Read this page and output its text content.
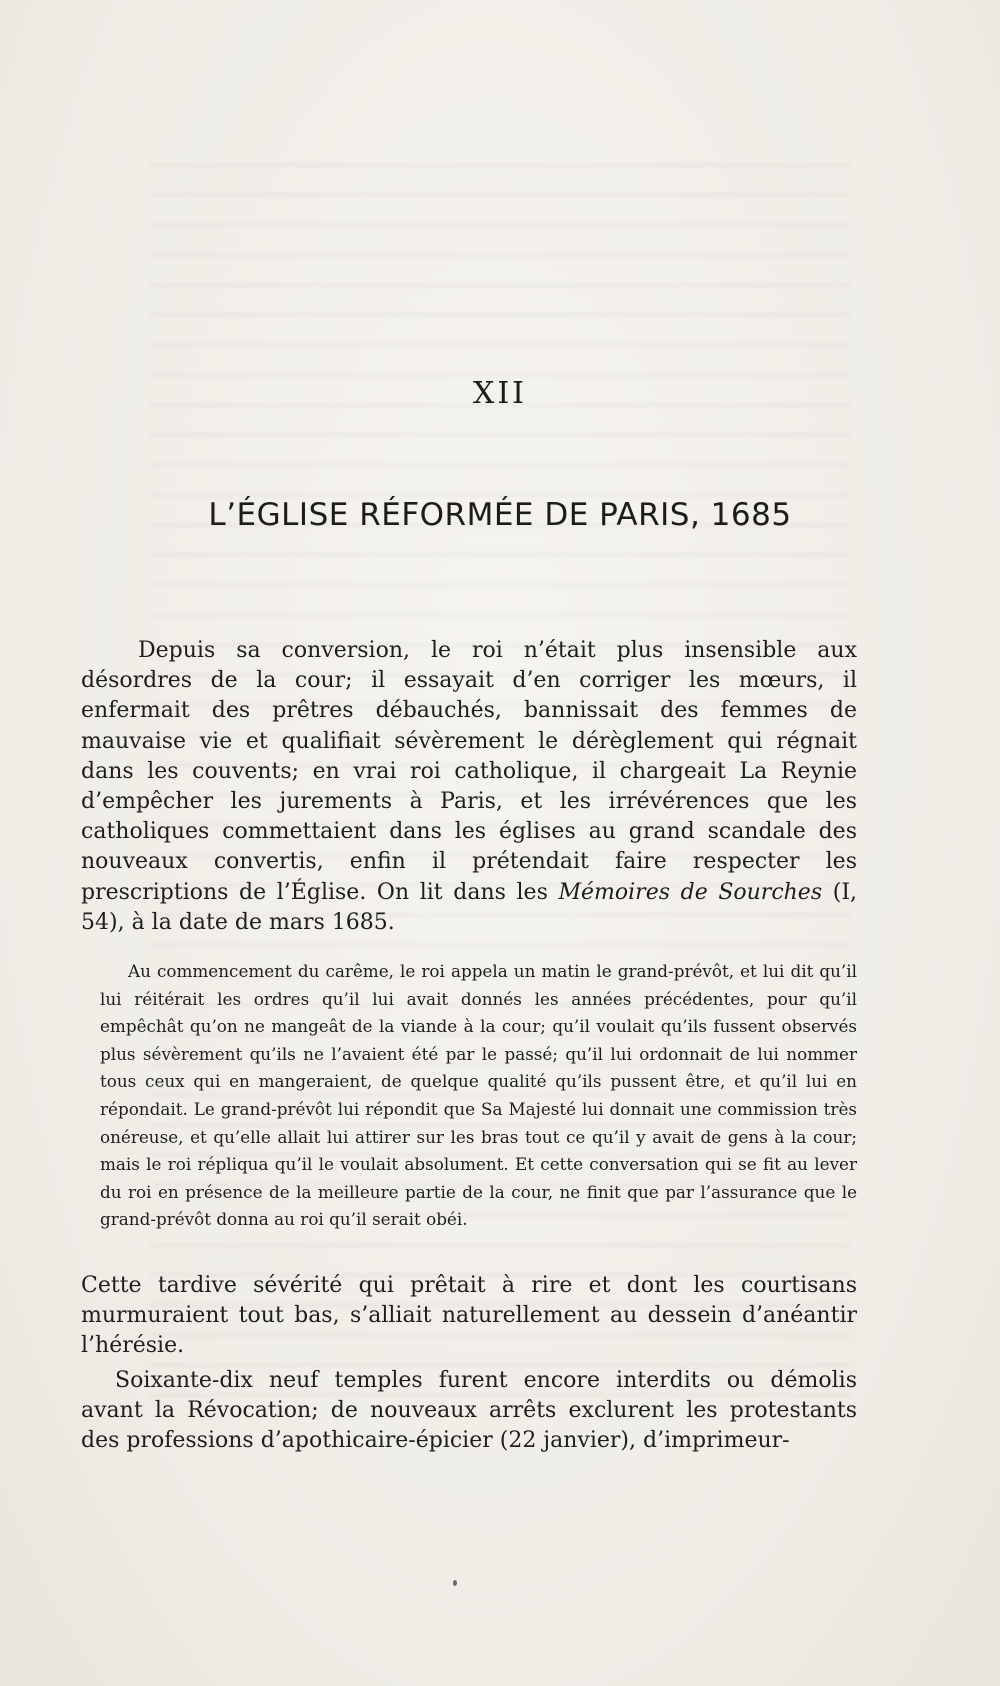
XII
L’ÉGLISE RÉFORMÉE DE PARIS, 1685

Depuis sa conversion, le roi n’était plus insensible aux désordres de la cour; il essayait d’en corriger les mœurs, il enfermait des prêtres débauchés, bannissait des femmes de mauvaise vie et qualifiait sévèrement le dérèglement qui régnait dans les couvents; en vrai roi catholique, il chargeait La Reynie d’empêcher les jurements à Paris, et les irrévérences que les catholiques commettaient dans les églises au grand scandale des nouveaux convertis, enfin il prétendait faire respecter les prescriptions de l’Église. On lit dans les Mémoires de Sourches (I, 54), à la date de mars 1685.

Au commencement du carême, le roi appela un matin le grand-prévôt, et lui dit qu’il lui réitérait les ordres qu’il lui avait donnés les années précédentes, pour qu’il empêchât qu’on ne mangeât de la viande à la cour; qu’il voulait qu’ils fussent observés plus sévèrement qu’ils ne l’avaient été par le passé; qu’il lui ordonnait de lui nommer tous ceux qui en mangeraient, de quelque qualité qu’ils pussent être, et qu’il lui en répondait. Le grand-prévôt lui répondit que Sa Majesté lui donnait une commission très onéreuse, et qu’elle allait lui attirer sur les bras tout ce qu’il y avait de gens à la cour; mais le roi répliqua qu’il le voulait absolument. Et cette conversation qui se fit au lever du roi en présence de la meilleure partie de la cour, ne finit que par l’assurance que le grand-prévôt donna au roi qu’il serait obéi.

Cette tardive sévérité qui prêtait à rire et dont les courtisans murmuraient tout bas, s’alliait naturellement au dessein d’anéantir l’hérésie.

Soixante-dix neuf temples furent encore interdits ou démolis avant la Révocation; de nouveaux arrêts exclurent les protestants des professions d’apothicaire-épicier (22 janvier), d’imprimeur-
